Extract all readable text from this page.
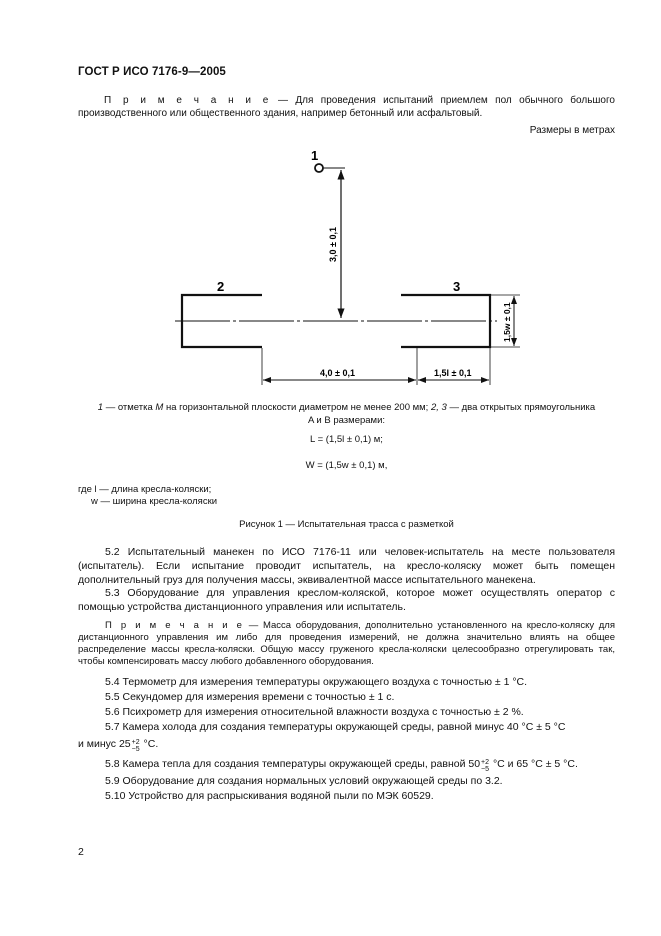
ГОСТ Р ИСО 7176-9—2005
П р и м е ч а н и е — Для проведения испытаний приемлем пол обычного большого производственного или общественного здания, например бетонный или асфальтовый.
Размеры в метрах
1
3,0 ± 0,1
2	3
1,5w ± 0,1
4,0 ± 0,1	1,5l ± 0,1
1 — отметка M на горизонтальной плоскости диаметром не менее 200 мм; 2, 3 — два открытых прямоугольника
A и B размерами:
L = (1,5l ± 0,1) м;
W = (1,5w ± 0,1) м,
где l — длина кресла-коляски;
w — ширина кресла-коляски
Рисунок 1 — Испытательная трасса с разметкой
5.2 Испытательный манекен по ИСО 7176-11 или человек-испытатель на месте пользователя (испытатель). Если испытание проводит испытатель, на кресло-коляску может быть помещен дополнительный груз для получения массы, эквивалентной массе испытательного манекена.
5.3 Оборудование для управления креслом-коляской, которое может осуществлять оператор с помощью устройства дистанционного управления или испытатель.
П р и м е ч а н и е — Масса оборудования, дополнительно установленного на кресло-коляску для дистанционного управления им либо для проведения измерений, не должна значительно влиять на общее распределение массы кресла-коляски. Общую массу груженого кресла-коляски целесообразно отрегулировать так, чтобы компенсировать массу любого добавленного оборудования.
5.4 Термометр для измерения температуры окружающего воздуха с точностью ± 1 °С.
5.5 Секундомер для измерения времени с точностью ± 1 с.
5.6 Психрометр для измерения относительной влажности воздуха с точностью ± 2 %.
5.7 Камера холода для создания температуры окружающей среды, равной минус 40 °С ± 5 °С
и минус 25+2
−5 °С.
5.8 Камера тепла для создания температуры окружающей среды, равной 50+2
−5 °С и 65 °С ± 5 °С.
5.9 Оборудование для создания нормальных условий окружающей среды по 3.2.
5.10 Устройство для распрыскивания водяной пыли по МЭК 60529.
2
